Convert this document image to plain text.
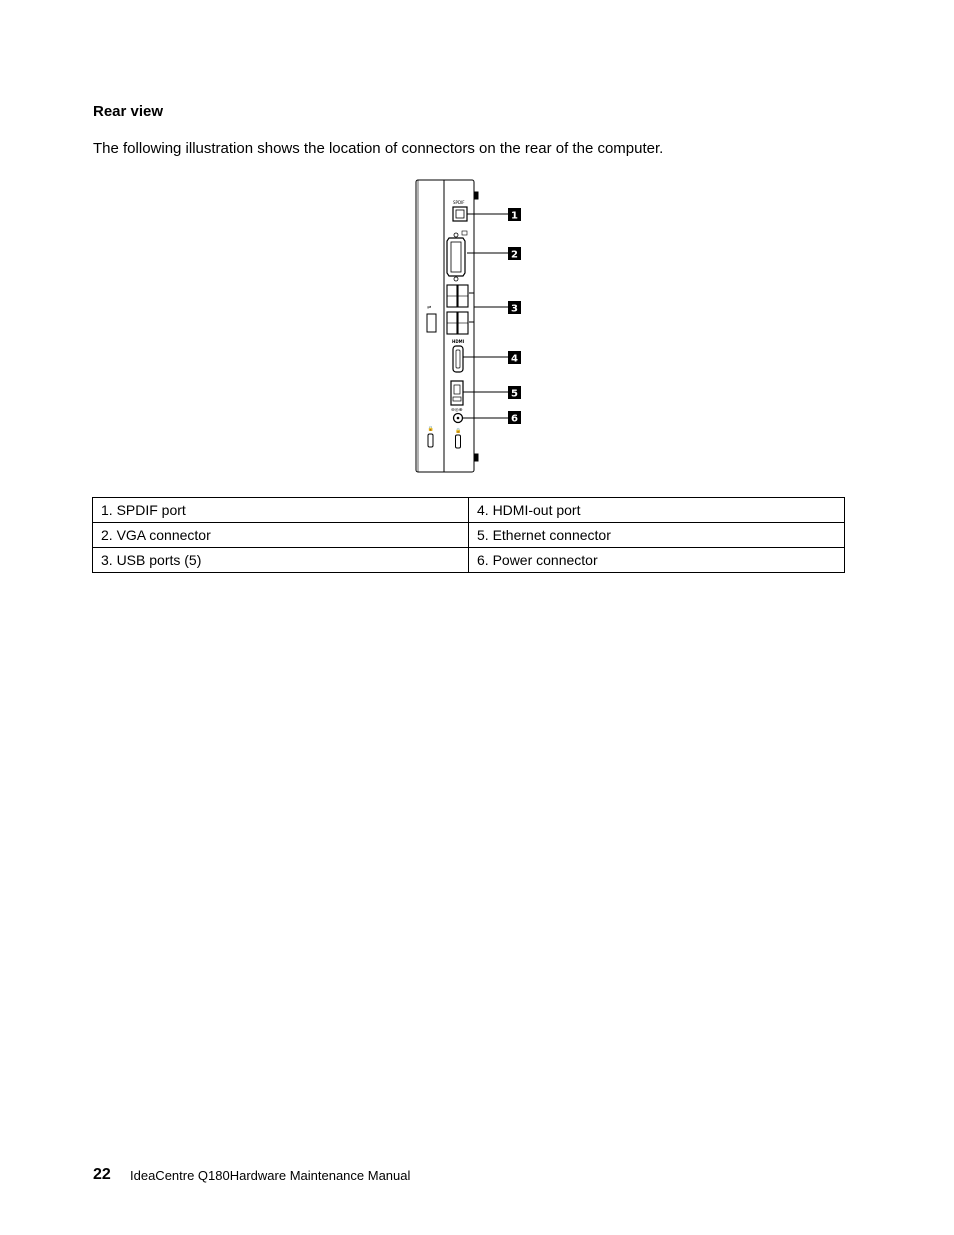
Rear view
The following illustration shows the location of connectors on the rear of the computer.
⇌
🔒
SPDIF
HDMI
⊖◎⊕
🔒
1
2
3
4
5
6
1. SPDIF port	4. HDMI-out port
2. VGA connector	5. Ethernet connector
3. USB ports (5)	6. Power connector
22 IdeaCentre Q180Hardware Maintenance Manual
